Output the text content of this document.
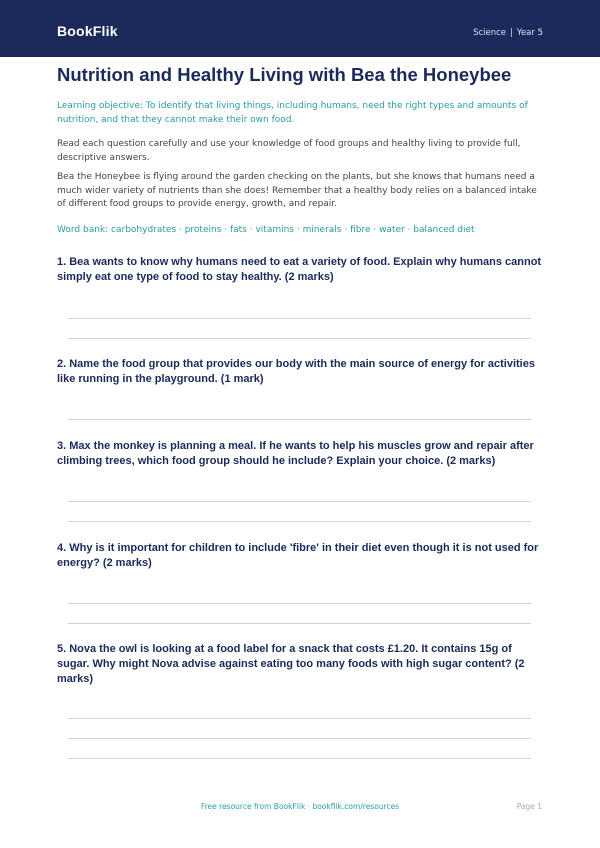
BookFlik	Science | Year 5
Nutrition and Healthy Living with Bea the Honeybee

Learning objective: To identify that living things, including humans, need the right types and amounts of nutrition, and that they cannot make their own food.

Read each question carefully and use your knowledge of food groups and healthy living to provide full, descriptive answers.

Bea the Honeybee is flying around the garden checking on the plants, but she knows that humans need a much wider variety of nutrients than she does! Remember that a healthy body relies on a balanced intake of different food groups to provide energy, growth, and repair.

Word bank: carbohydrates · proteins · fats · vitamins · minerals · fibre · water · balanced diet

1. Bea wants to know why humans need to eat a variety of food. Explain why humans cannot simply eat one type of food to stay healthy. (2 marks)

2. Name the food group that provides our body with the main source of energy for activities like running in the playground. (1 mark)

3. Max the monkey is planning a meal. If he wants to help his muscles grow and repair after climbing trees, which food group should he include? Explain your choice. (2 marks)

4. Why is it important for children to include 'fibre' in their diet even though it is not used for energy? (2 marks)

5. Nova the owl is looking at a food label for a snack that costs £1.20. It contains 15g of sugar. Why might Nova advise against eating too many foods with high sugar content? (2 marks)

Free resource from BookFlik · bookflik.com/resources	Page 1
